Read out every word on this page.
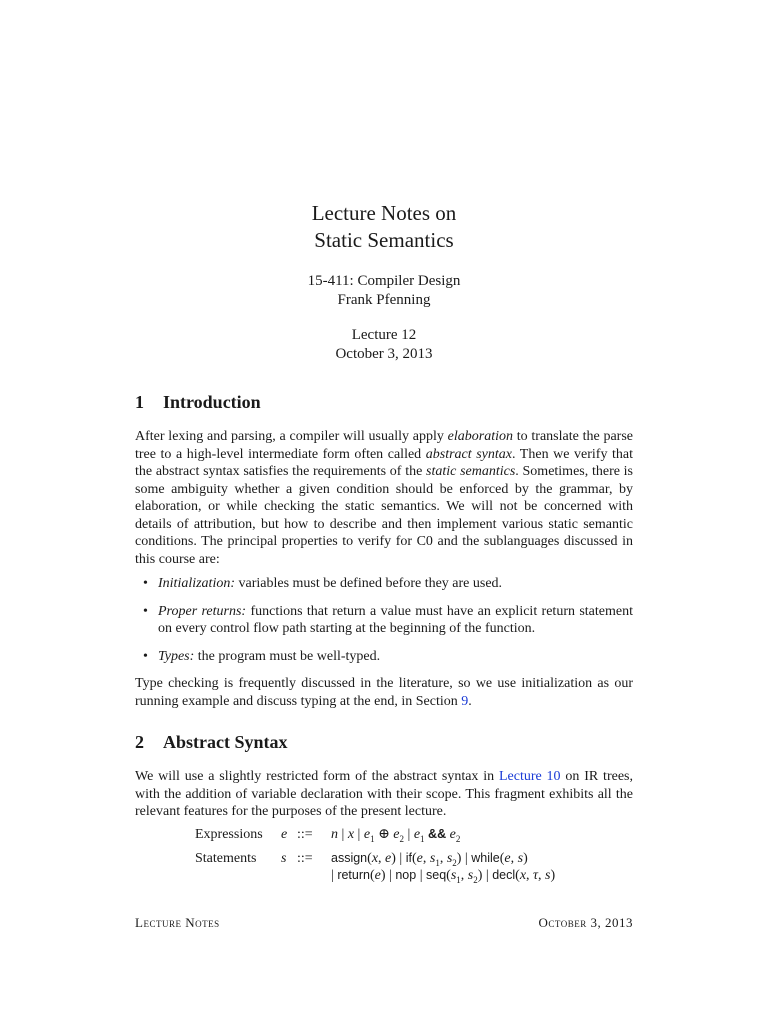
Lecture Notes on
Static Semantics
15-411: Compiler Design
Frank Pfenning
Lecture 12
October 3, 2013
1 Introduction

After lexing and parsing, a compiler will usually apply elaboration to translate the parse tree to a high-level intermediate form often called abstract syntax. Then we verify that the abstract syntax satisfies the requirements of the static semantics. Sometimes, there is some ambiguity whether a given condition should be enforced by the grammar, by elaboration, or while checking the static semantics. We will not be concerned with details of attribution, but how to describe and then implement various static semantic conditions. The principal properties to verify for C0 and the sublanguages discussed in this course are:

• Initialization: variables must be defined before they are used.
• Proper returns: functions that return a value must have an explicit return statement on every control flow path starting at the beginning of the function.
• Types: the program must be well-typed.

Type checking is frequently discussed in the literature, so we use initialization as our running example and discuss typing at the end, in Section 9.

2 Abstract Syntax

We will use a slightly restricted form of the abstract syntax in Lecture 10 on IR trees, with the addition of variable declaration with their scope. This fragment exhibits all the relevant features for the purposes of the present lecture.

Expressions	e ::= n | x | $e_1$ ⊕ $e_2$ | $e_1$ && $e_2$
Statements	s ::= assign(x, e) | if(e, $s_1$, $s_2$) | while(e, s)
| return(e) | nop | $seq(s_1$, $s_2$) | decl(x, τ, s)
Lecture Notes	October 3, 2013
